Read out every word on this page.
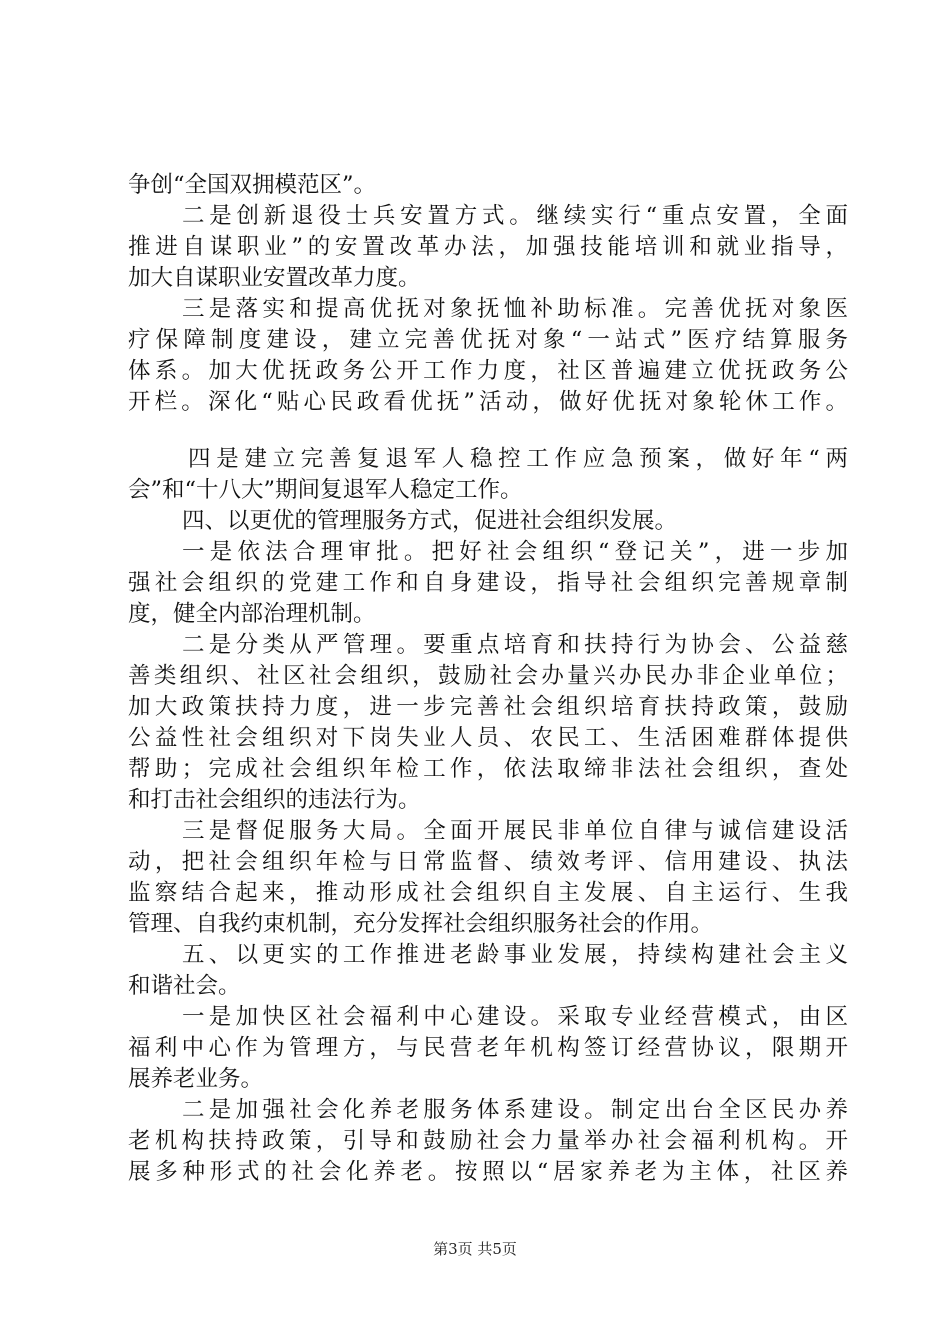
争创“全国双拥模范区”。
二是创新退役士兵安置方式。继续实行“重点安置，全面
推进自谋职业”的安置改革办法，加强技能培训和就业指导，
加大自谋职业安置改革力度。
三是落实和提高优抚对象抚恤补助标准。完善优抚对象医
疗保障制度建设，建立完善优抚对象“一站式”医疗结算服务
体系。加大优抚政务公开工作力度，社区普遍建立优抚政务公
开栏。深化“贴心民政看优抚”活动，做好优抚对象轮休工作。
四是建立完善复退军人稳控工作应急预案，做好年“两
会”和“十八大”期间复退军人稳定工作。
四、以更优的管理服务方式，促进社会组织发展。
一是依法合理审批。把好社会组织“登记关”，进一步加
强社会组织的党建工作和自身建设，指导社会组织完善规章制
度，健全内部治理机制。
二是分类从严管理。要重点培育和扶持行为协会、公益慈
善类组织、社区社会组织，鼓励社会办量兴办民办非企业单位；
加大政策扶持力度，进一步完善社会组织培育扶持政策，鼓励
公益性社会组织对下岗失业人员、农民工、生活困难群体提供
帮助；完成社会组织年检工作，依法取缔非法社会组织，查处
和打击社会组织的违法行为。
三是督促服务大局。全面开展民非单位自律与诚信建设活
动，把社会组织年检与日常监督、绩效考评、信用建设、执法
监察结合起来，推动形成社会组织自主发展、自主运行、生我
管理、自我约束机制，充分发挥社会组织服务社会的作用。
五、以更实的工作推进老龄事业发展，持续构建社会主义
和谐社会。
一是加快区社会福利中心建设。采取专业经营模式，由区
福利中心作为管理方，与民营老年机构签订经营协议，限期开
展养老业务。
二是加强社会化养老服务体系建设。制定出台全区民办养
老机构扶持政策，引导和鼓励社会力量举办社会福利机构。开
展多种形式的社会化养老。按照以“居家养老为主体，社区养
第3页 共5页
